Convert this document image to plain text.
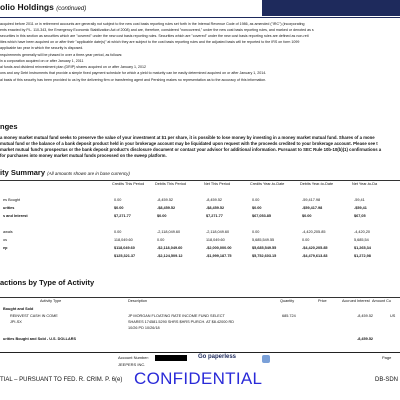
olio Holdings (continued)
acquired before 2011 or in retirement accounts are generally not subject to the new cost basis reporting rules set forth in the Internal Revenue Code of 1986, as amended ("IRC") (incorporating
ents enacted by P.L. 110-343, the Emergency Economic Stabilization Act of 2008) and are, therefore, considered "noncovered," under the new cost basis reporting rules, and marked or denoted as s
securities in this section as securities which are "covered" under the new cost basis reporting rules. Securities which are "covered" under the new cost basis reporting rules are defined as non-reti
ities which have been acquired on or after their "applicable date(s)" at which they are subject to the cost basis reporting rules and the adjusted basis will be reported to the IRS on form 1099
applicable tax year in which the security is disposed.
requirements generally will be phased in over a three-year period, as follows:
in a corporation acquired on or after January 1, 2011
al funds and dividend reinvestment plan (DRIP) shares acquired on or after January 1, 2012
ons and any Debt Instruments that provide a simple fixed payment schedule for which a yield to maturity can be easily determined acquired on or after January 1, 2014.
al basis of this security has been provided to us by the delivering firm or transferring agent and Pershing makes no representation as to the accuracy of this information.
nges
a money market mutual fund seeks to preserve the value of your investment at $1 per share, it is possible to lose money by investing in a money market mutual fund. Shares of a mone
mutual fund or the balance of a bank deposit product held in your brokerage account may be liquidated upon request with the proceeds credited to your brokerage account. Please see t
market mutual fund's prospectus or the bank deposit product's disclosure document or contact your advisor for additional information. Pursuant to SEC Rule 10b-10(b)(1) confirmations a
for purchases into money market mutual funds processed on the sweep platform.
ity Summary (All amounts shown are in base currency)
Credits This Period	Debits This Period	Net This Period	Credits Year-to-Date	Debits Year-to-Date	Net Year-to-Da
es Bought	0.00	-8,459.52	-8,459.52	0.00	-59,417.98	-59,41
urities	$0.00	-$8,459.52	-$8,459.52	$0.00	-$59,417.98	-$59,41
s and Interest	$7,271.77	$0.00	$7,271.77	$67,053.85	$0.00	$67,05
awals	0.00	-2,118,049.60	-2,118,049.60	0.00	-4,420,205.85	-4,420,20
os	118,049.60	0.00	118,049.60	5,685,549.55	0.00	5,685,54
ep	$118,049.60	-$2,118,049.60	-$2,000,000.00	$5,685,549.55	-$4,420,205.85	$1,265,34
$125,321.37	-$2,124,509.12	-$1,999,187.75	$5,752,603.15	-$4,479,613.83	$1,272,98
actions by Type of Activity
Activity Type	Description	Quantity	Price	Accrued Interest Amount Cu
Bought and Sold
REINVEST CASH IN COME	JP MORGAN FLOATING RATE INCOME FUND SELECT	685.724	-8,459.52	US
JPI-SX	SHARES 174581.5290 SHRS $HRS PURCH. AT $8.42000 RD
10/26 PD 10/26/18
urities Bought and Sold - U.S. DOLLARS	-8,459.52
Account Number:
JEEPERS INC.
Go paperless	Page
CONFIDENTIAL
TIAL – PURSUANT TO FED. R. CRIM. P. 6(e)	DB-SDN
